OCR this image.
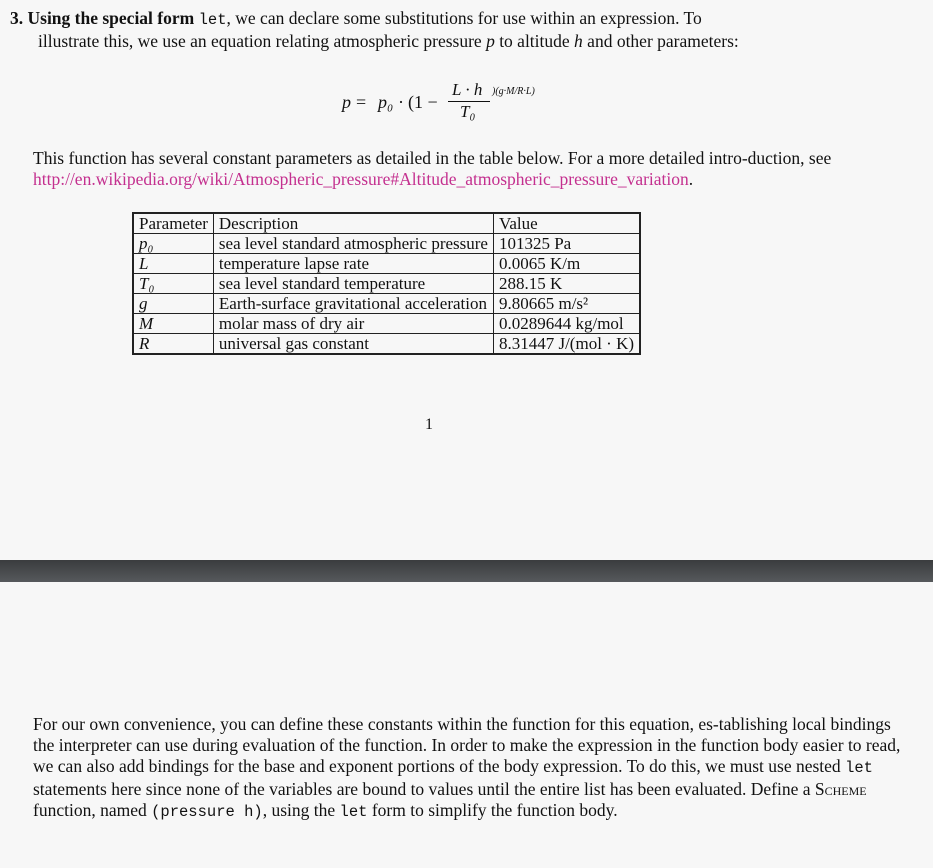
3. Using the special form let, we can declare some substitutions for use within an expression. To
illustrate this, we use an equation relating atmospheric pressure p to altitude h and other parameters:
p = p₀ · (1 −
L · h
T₀
)(g·M/R·L)
This function has several constant parameters as detailed in the table below. For a more detailed intro-duction, see http://en.wikipedia.org/wiki/Atmospheric_pressure#Altitude_atmospheric_pressure_variation.
Parameter	Description	Value
p₀	sea level standard atmospheric pressure	101325 Pa
L	temperature lapse rate	0.0065 K/m
T₀	sea level standard temperature	288.15 K
g	Earth-surface gravitational acceleration	9.80665 m/s²
M	molar mass of dry air	0.0289644 kg/mol
R	universal gas constant	8.31447 J/(mol · K)
1
For our own convenience, you can define these constants within the function for this equation, es-tablishing local bindings the interpreter can use during evaluation of the function. In order to make the expression in the function body easier to read, we can also add bindings for the base and exponent portions of the body expression. To do this, we must use nested let statements here since none of the variables are bound to values until the entire list has been evaluated. Define a Scheme function, named (pressure h), using the let form to simplify the function body.
